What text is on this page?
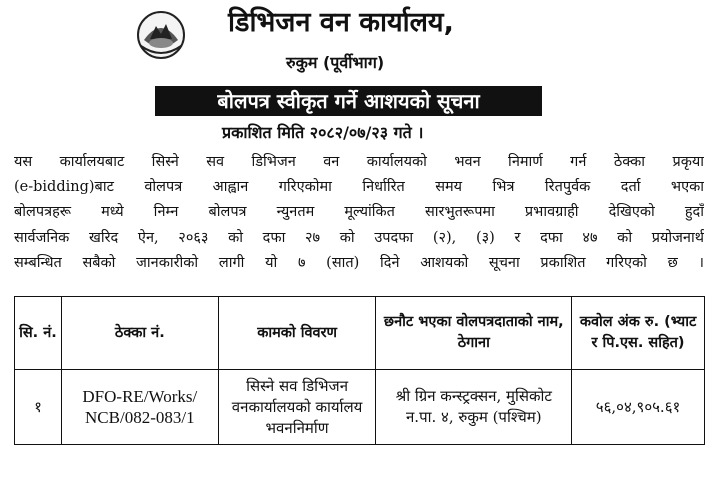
डिभिजन वन कार्यालय,
रुकुम (पूर्वीभाग)
बोलपत्र स्वीकृत गर्ने आशयको सूचना
प्रकाशित मिति २०८२/०७/२३ गते ।
यस कार्यालयबाट सिस्ने सव डिभिजन वन कार्यालयको भवन निमार्ण गर्न ठेक्का प्रकृया
(e-bidding)बाट वोलपत्र आह्वान गरिएकोमा निर्धारित समय भित्र रितपुर्वक दर्ता भएका
बोलपत्रहरू मध्ये निम्न बोलपत्र न्युनतम मूल्यांकित सारभुतरूपमा प्रभावग्राही देखिएको हुदाँ
सार्वजनिक खरिद ऐन, २०६३ को दफा २७ को उपदफा (२), (३) र दफा ४७ को प्रयोजनार्थ
सम्बन्धित सबैको जानकारीको लागी यो ७ (सात) दिने आशयको सूचना प्रकाशित गरिएको छ ।
सि. नं.	ठेक्का नं.	कामको विवरण	छनौट भएका वोलपत्रदाताको नाम, ठेगाना	कवोल अंक रु. (भ्याट र पि.एस. सहित)
१	DFO-RE/Works/ NCB/082-083/1	सिस्ने सव डिभिजन वनकार्यालयको कार्यालय भवननिर्माण	श्री ग्रिन कन्स्ट्रक्सन, मुसिकोट न.पा. ४, रुकुम (पश्चिम)	५६,०४,९०५.६१
